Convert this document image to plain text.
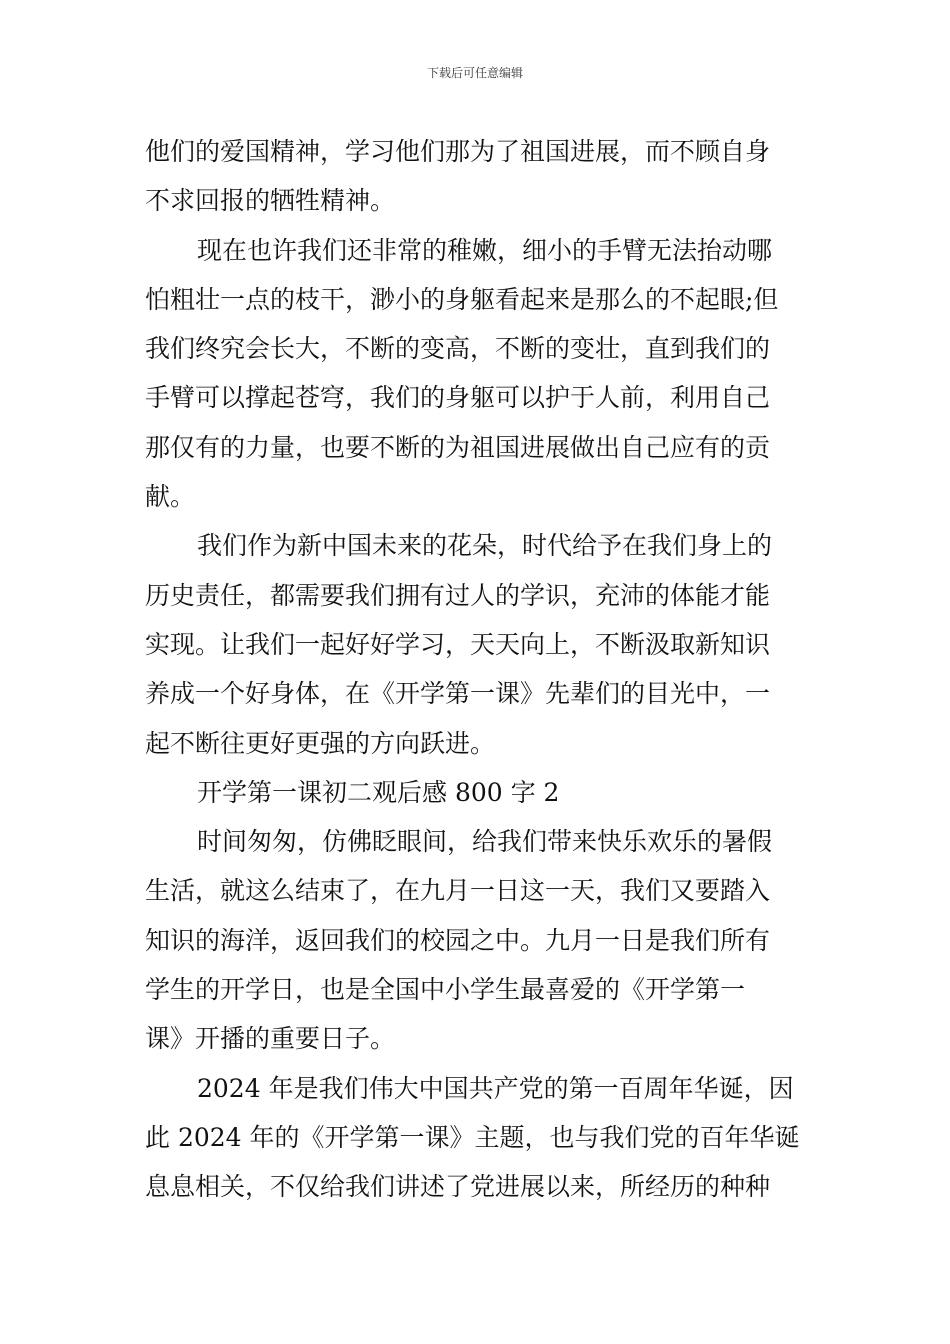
下载后可任意编辑
他们的爱国精神，学习他们那为了祖国进展，而不顾自身
不求回报的牺牲精神。
现在也许我们还非常的稚嫩，细小的手臂无法抬动哪
怕粗壮一点的枝干，渺小的身躯看起来是那么的不起眼;但
我们终究会长大，不断的变高，不断的变壮，直到我们的
手臂可以撑起苍穹，我们的身躯可以护于人前，利用自己
那仅有的力量，也要不断的为祖国进展做出自己应有的贡
献。
我们作为新中国未来的花朵，时代给予在我们身上的
历史责任，都需要我们拥有过人的学识，充沛的体能才能
实现。让我们一起好好学习，天天向上，不断汲取新知识
养成一个好身体，在《开学第一课》先辈们的目光中，一
起不断往更好更强的方向跃进。
开学第一课初二观后感 800 字 2
时间匆匆，仿佛眨眼间，给我们带来快乐欢乐的暑假
生活，就这么结束了，在九月一日这一天，我们又要踏入
知识的海洋，返回我们的校园之中。九月一日是我们所有
学生的开学日，也是全国中小学生最喜爱的《开学第一
课》开播的重要日子。
2024 年是我们伟大中国共产党的第一百周年华诞，因
此 2024 年的《开学第一课》主题，也与我们党的百年华诞
息息相关，不仅给我们讲述了党进展以来，所经历的种种
